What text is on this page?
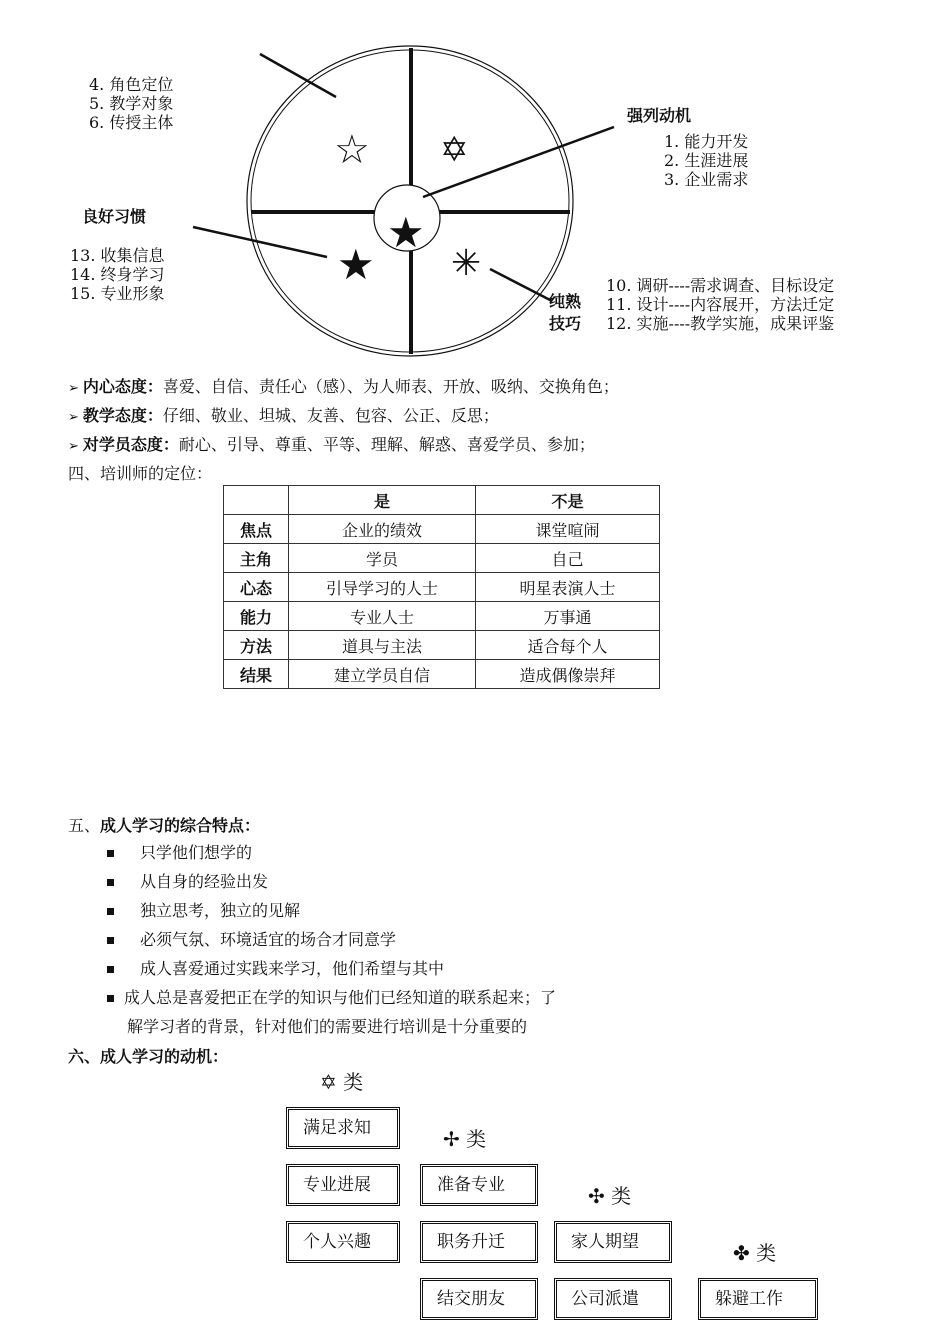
☆ ✡
★
★ ✳
4. 角色定位
5. 教学对象
6. 传授主体	强列动机
1. 能力开发
2. 生涯进展
3. 企业需求
良好习惯
13. 收集信息
14. 终身学习
15. 专业形象	纯熟
技巧
10. 调研----需求调查、目标设定
11. 设计----内容展开，方法迁定
12. 实施----教学实施，成果评鉴
➢ 内心态度：喜爱、自信、责任心（感）、为人师表、开放、吸纳、交换角色；
➢ 教学态度：仔细、敬业、坦城、友善、包容、公正、反思；
➢ 对学员态度：耐心、引导、尊重、平等、理解、解惑、喜爱学员、参加；
四、培训师的定位：
	是	不是
焦点	企业的绩效	课堂喧闹
主角	学员	自己
心态	引导学习的人士	明星表演人士
能力	专业人士	万事通
方法	道具与主法	适合每个人
结果	建立学员自信	造成偶像崇拜
五、成人学习的综合特点：
只学他们想学的
从自身的经验出发
独立思考，独立的见解
必须气氛、环境适宜的场合才同意学
成人喜爱通过实践来学习，他们希望与其中
成人总是喜爱把正在学的知识与他们已经知道的联系起来；了
解学习者的背景，针对他们的需要进行培训是十分重要的
六、成人学习的动机：
✡ 类
✢ 类
✣ 类
✤ 类
满足求知
专业进展
个人兴趣
准备专业
职务升迁
结交朋友
家人期望
公司派遣	躲避工作
